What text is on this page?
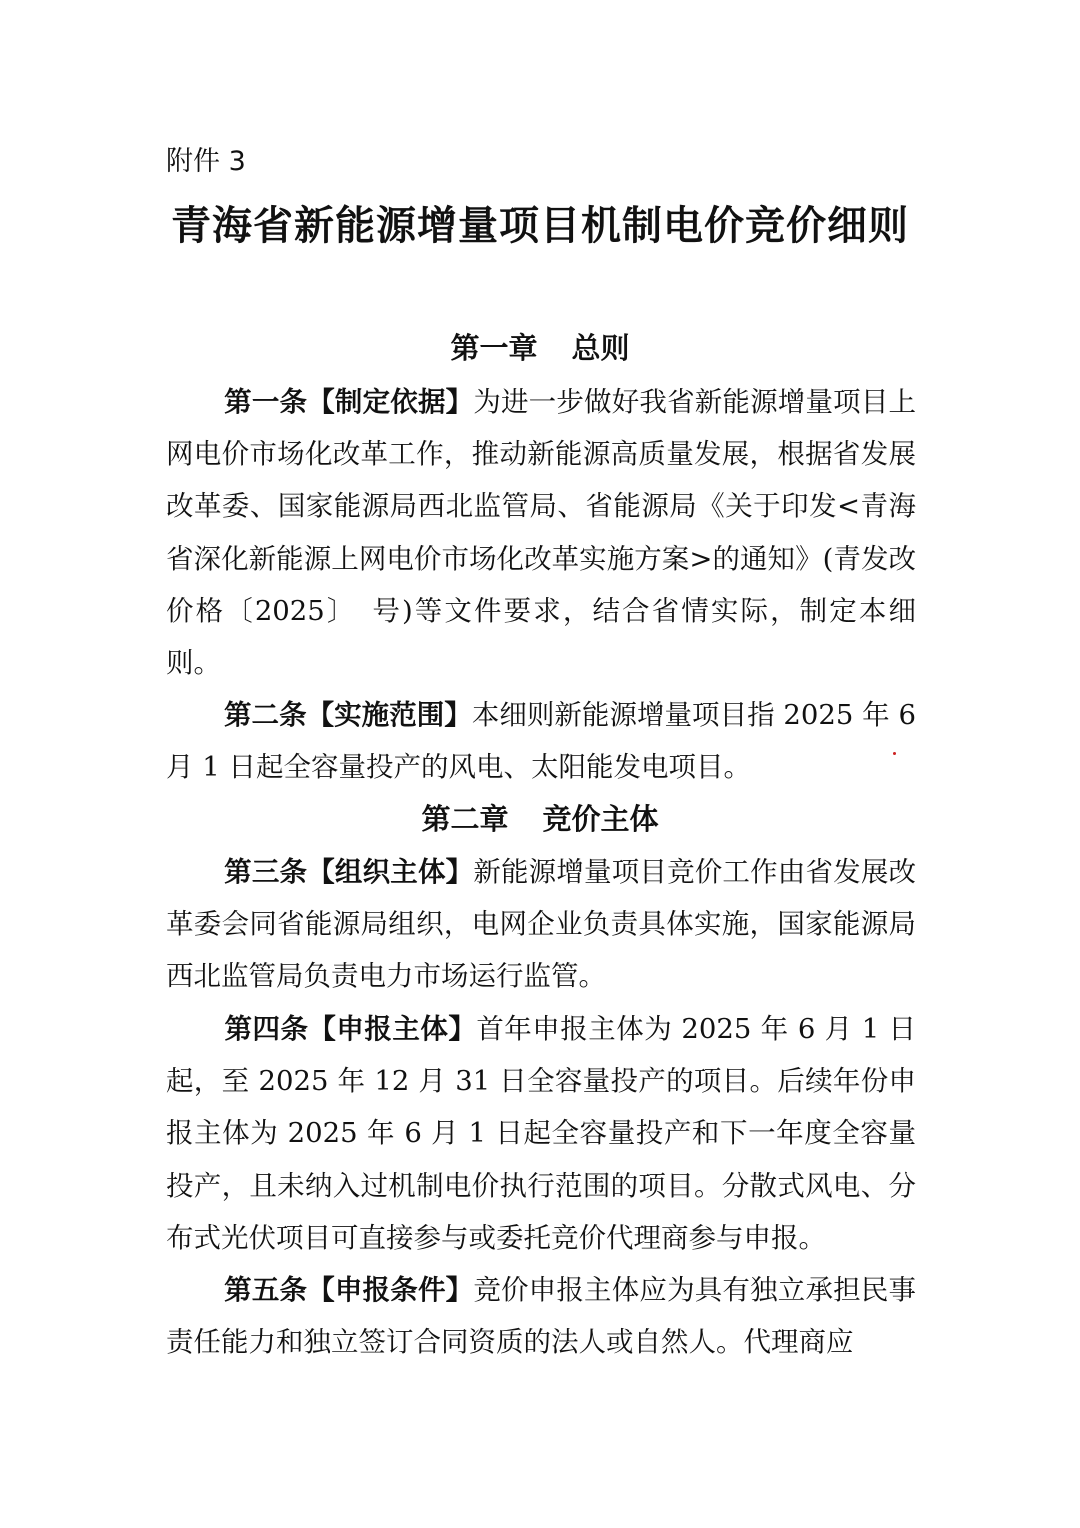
附件 3
青海省新能源增量项目机制电价竞价细则
第一章 总则

第一条【制定依据】为进一步做好我省新能源增量项目上网电价市场化改革工作，推动新能源高质量发展，根据省发展改革委、国家能源局西北监管局、省能源局《关于印发<青海省深化新能源上网电价市场化改革实施方案>的通知》(青发改价格〔2025〕　号)等文件要求，结合省情实际，制定本细则。

第二条【实施范围】本细则新能源增量项目指 2025 年 6 月 1 日起全容量投产的风电、太阳能发电项目。

第二章 竞价主体

第三条【组织主体】新能源增量项目竞价工作由省发展改革委会同省能源局组织，电网企业负责具体实施，国家能源局西北监管局负责电力市场运行监管。

第四条【申报主体】首年申报主体为 2025 年 6 月 1 日起，至 2025 年 12 月 31 日全容量投产的项目。后续年份申报主体为 2025 年 6 月 1 日起全容量投产和下一年度全容量投产，且未纳入过机制电价执行范围的项目。分散式风电、分布式光伏项目可直接参与或委托竞价代理商参与申报。

第五条【申报条件】竞价申报主体应为具有独立承担民事责任能力和独立签订合同资质的法人或自然人。代理商应
